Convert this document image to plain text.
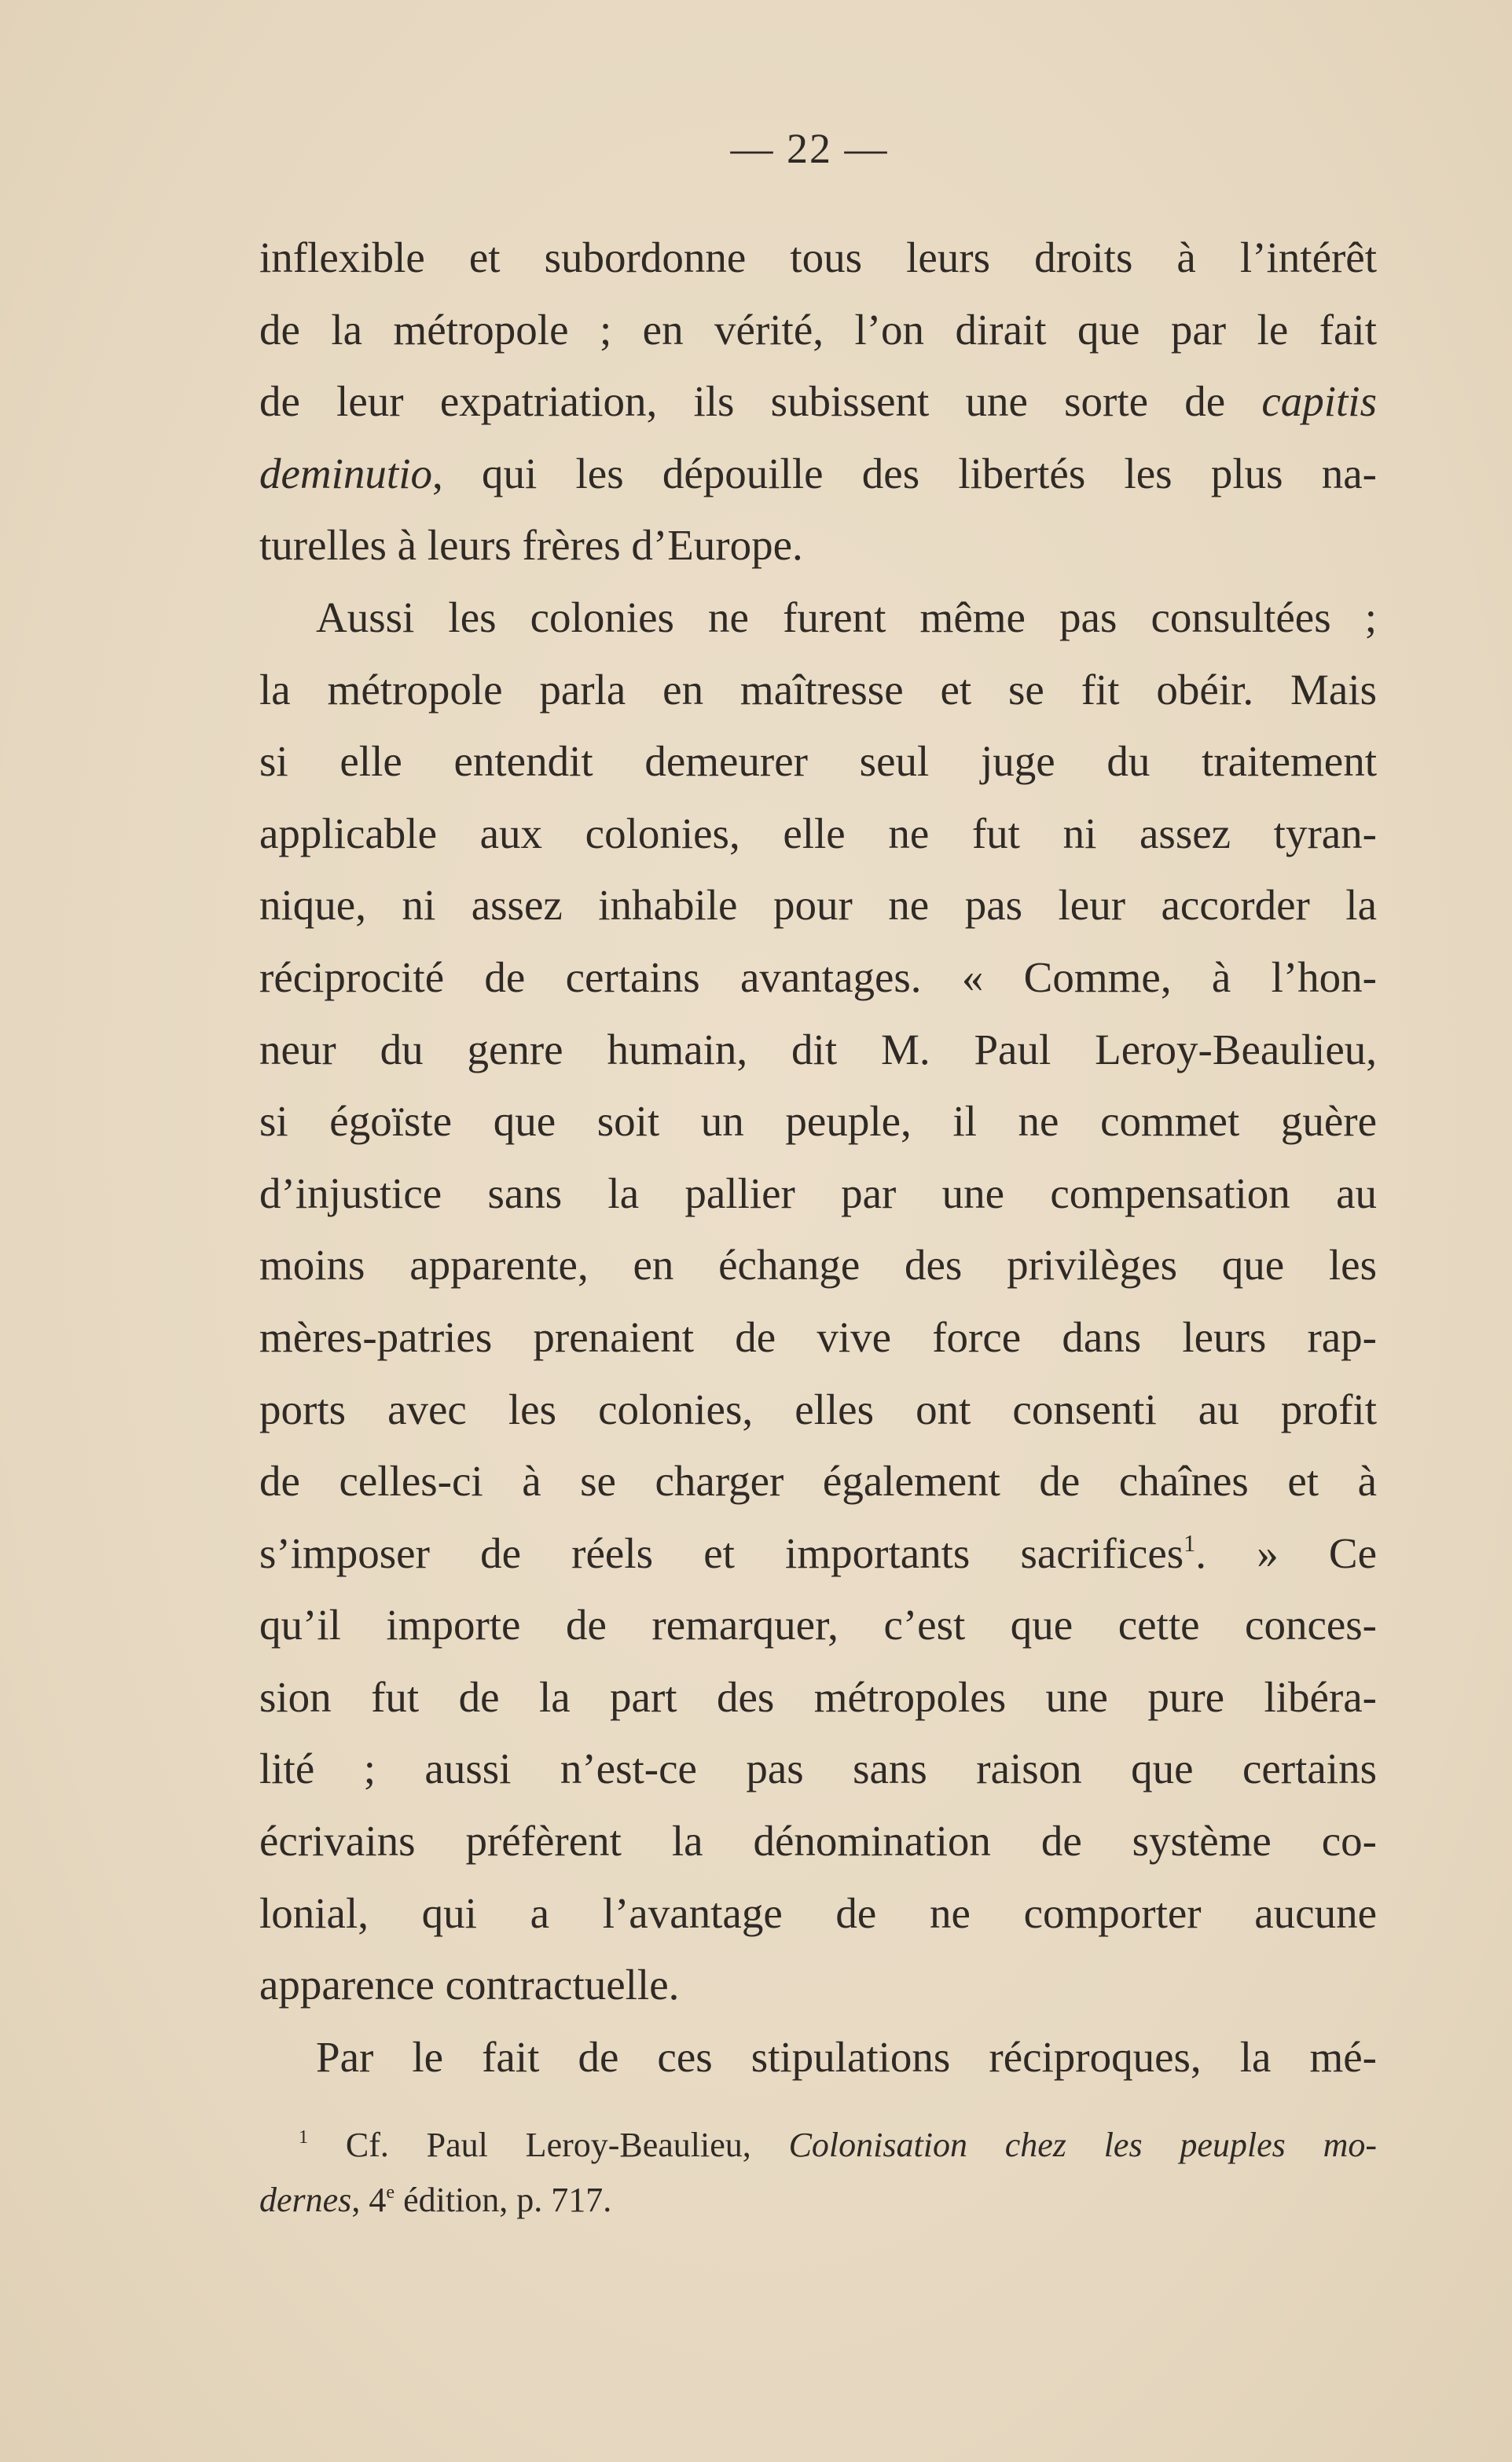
— 22 —
inflexible et subordonne tous leurs droits à l’intérêt
de la métropole ; en vérité, l’on dirait que par le fait
de leur expatriation, ils subissent une sorte de capitis
deminutio, qui les dépouille des libertés les plus na-
turelles à leurs frères d’Europe.
Aussi les colonies ne furent même pas consultées ;
la métropole parla en maîtresse et se fit obéir. Mais
si elle entendit demeurer seul juge du traitement
applicable aux colonies, elle ne fut ni assez tyran-
nique, ni assez inhabile pour ne pas leur accorder la
réciprocité de certains avantages. « Comme, à l’hon-
neur du genre humain, dit M. Paul Leroy-Beaulieu,
si égoïste que soit un peuple, il ne commet guère
d’injustice sans la pallier par une compensation au
moins apparente, en échange des privilèges que les
mères-patries prenaient de vive force dans leurs rap-
ports avec les colonies, elles ont consenti au profit
de celles-ci à se charger également de chaînes et à
s’imposer de réels et importants sacrifices$^1$. » Ce
qu’il importe de remarquer, c’est que cette conces-
sion fut de la part des métropoles une pure libéra-
lité ; aussi n’est-ce pas sans raison que certains
écrivains préfèrent la dénomination de système co-
lonial, qui a l’avantage de ne comporter aucune
apparence contractuelle.
Par le fait de ces stipulations réciproques, la mé-
$^1$ Cf. Paul Leroy-Beaulieu, Colonisation chez les peuples mo-
dernes, 4e édition, p. 717.
